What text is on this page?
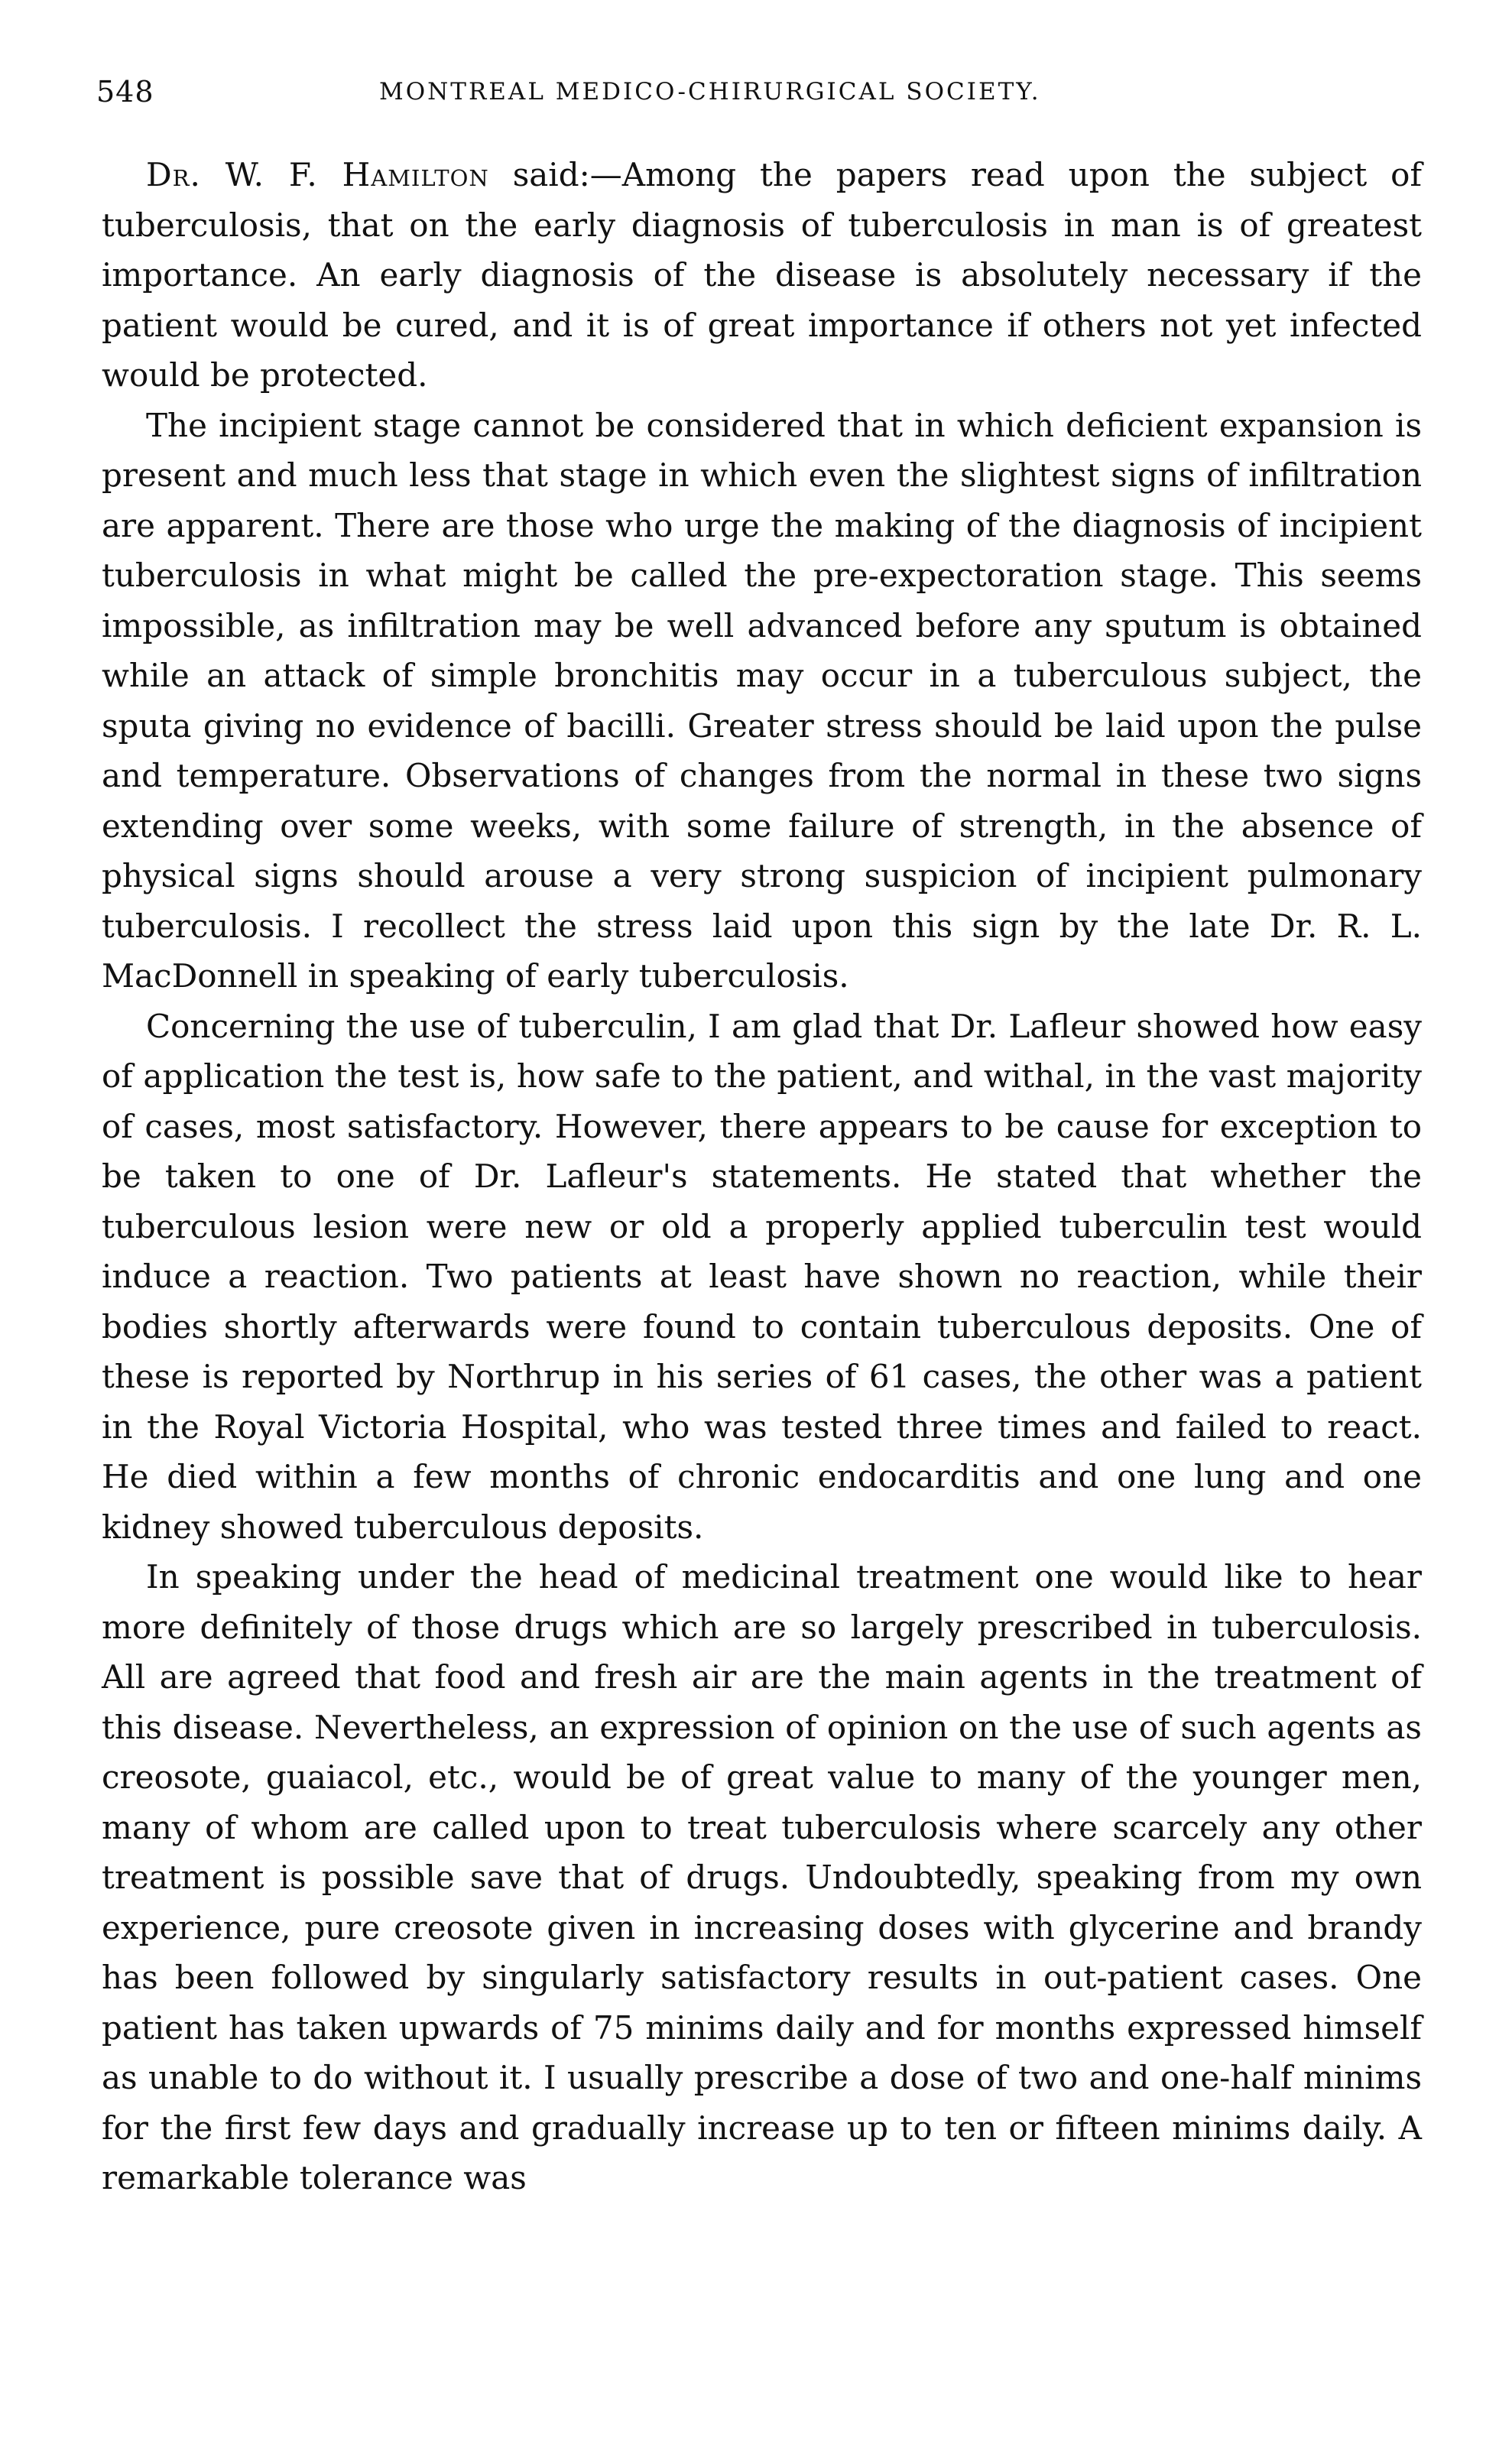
548	MONTREAL MEDICO-CHIRURGICAL SOCIETY.

Dr. W. F. Hamilton said:—Among the papers read upon the subject of tuberculosis, that on the early diagnosis of tuberculosis in man is of greatest importance. An early diagnosis of the disease is absolutely necessary if the patient would be cured, and it is of great importance if others not yet infected would be protected.

The incipient stage cannot be considered that in which deficient expansion is present and much less that stage in which even the slightest signs of infiltration are apparent. There are those who urge the making of the diagnosis of incipient tuberculosis in what might be called the pre-expectoration stage. This seems impossible, as infiltration may be well advanced before any sputum is obtained while an attack of simple bronchitis may occur in a tuberculous subject, the sputa giving no evidence of bacilli. Greater stress should be laid upon the pulse and temperature. Observations of changes from the normal in these two signs extending over some weeks, with some failure of strength, in the absence of physical signs should arouse a very strong suspicion of incipient pulmonary tuberculosis. I recollect the stress laid upon this sign by the late Dr. R. L. MacDonnell in speaking of early tuberculosis.

Concerning the use of tuberculin, I am glad that Dr. Lafleur showed how easy of application the test is, how safe to the patient, and withal, in the vast majority of cases, most satisfactory. However, there appears to be cause for exception to be taken to one of Dr. Lafleur's statements. He stated that whether the tuberculous lesion were new or old a properly applied tuberculin test would induce a reaction. Two patients at least have shown no reaction, while their bodies shortly afterwards were found to contain tuberculous deposits. One of these is reported by Northrup in his series of 61 cases, the other was a patient in the Royal Victoria Hospital, who was tested three times and failed to react. He died within a few months of chronic endocarditis and one lung and one kidney showed tuberculous deposits.

In speaking under the head of medicinal treatment one would like to hear more definitely of those drugs which are so largely prescribed in tuberculosis. All are agreed that food and fresh air are the main agents in the treatment of this disease. Nevertheless, an expression of opinion on the use of such agents as creosote, guaiacol, etc., would be of great value to many of the younger men, many of whom are called upon to treat tuberculosis where scarcely any other treatment is possible save that of drugs. Undoubtedly, speaking from my own experience, pure creosote given in increasing doses with glycerine and brandy has been followed by singularly satisfactory results in out-patient cases. One patient has taken upwards of 75 minims daily and for months expressed himself as unable to do without it. I usually prescribe a dose of two and one-half minims for the first few days and gradually increase up to ten or fifteen minims daily. A remarkable tolerance was
